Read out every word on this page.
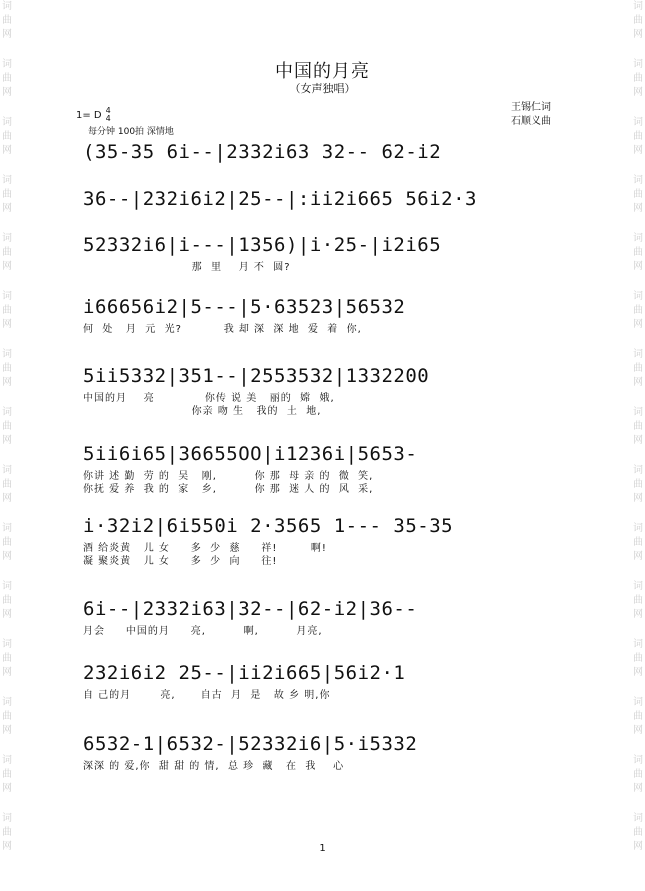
词
曲
网
词
曲
网
词
曲
网
词
曲
网
词
曲
网
词
曲
网
词
曲
网
词
曲
网
词
曲
网
词
曲
网
词
曲
网
词
曲
网
词
曲
网
词
曲
网
词
曲
网
词
曲
网
词
曲
网
词
曲
网
词
曲
网
词
曲
网
词
曲
网
词
曲
网
词
曲
网
词
曲
网
词
曲
网
词
曲
网
词
曲
网
词
曲
网
词
曲
网
词
曲
网
中国的月亮
（女声独唱）
王锡仁词
石顺义曲
1= D 4
4
每分钟 100拍 深情地
(35-35 6i--|2332i63 32-- 62-i2
36--|232i6i2|25--|:ii2i665 56i2·3
52332i6|i---|1356)|i·25-|i2i65
那  里    月 不  圆?
i66656i2|5---|5·63523|56532
何  处   月  元  光?          我 却 深  深 地  爱  着  你,
5ii5332|351--|2553532|1332200
中国的月    亮            你传 说 美   丽的  嫦  娥,
你亲 吻 生   我的  土  地,
5ii6i65|36655OO|i1236i|5653-
你讲 述 勤  劳 的  吴   刚,         你 那  母 亲 的  微  笑,
你抚 爱 养  我 的  家   乡,         你 那  迷 人 的  风  采,
i·32i2|6i550i 2·3565 1--- 35-35
酒 给炎黄   儿 女     多  少  慈     祥!        啊!
凝 聚炎黄   儿 女     多  少  向     往!
6i--|2332i63|32--|62-i2|36--
月会     中国的月     亮,         啊,         月亮,
232i6i2 25--|ii2i665|56i2·1
自 己的月       亮,      自古  月  是   故 乡 明,你
6532-1|6532-|52332i6|5·i5332
深深 的 爱,你  甜 甜 的 情,  总 珍  藏   在  我    心
1
